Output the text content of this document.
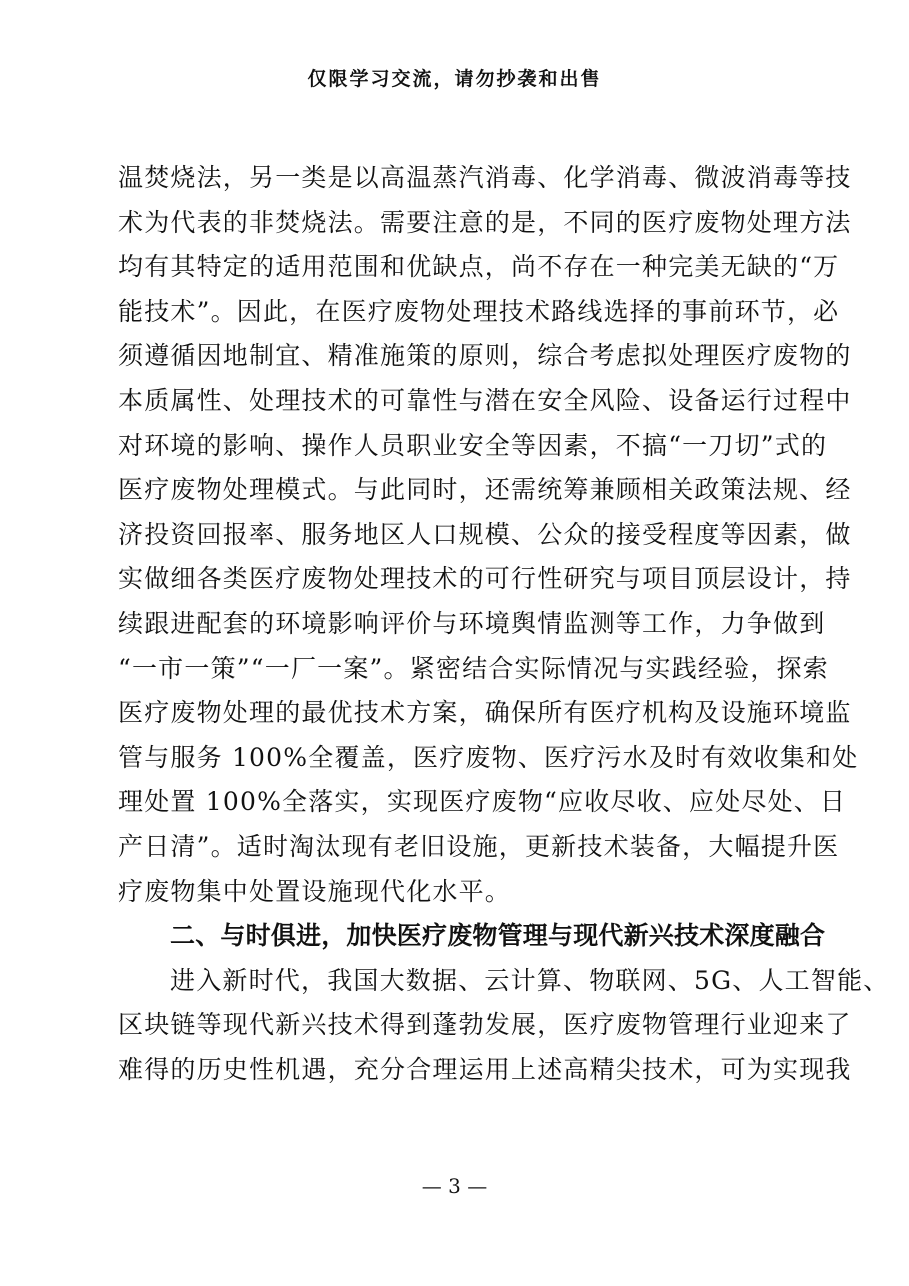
仅限学习交流，请勿抄袭和出售
温焚烧法，另一类是以高温蒸汽消毒、化学消毒、微波消毒等技
术为代表的非焚烧法。需要注意的是，不同的医疗废物处理方法
均有其特定的适用范围和优缺点，尚不存在一种完美无缺的“万
能技术”。因此，在医疗废物处理技术路线选择的事前环节，必
须遵循因地制宜、精准施策的原则，综合考虑拟处理医疗废物的
本质属性、处理技术的可靠性与潜在安全风险、设备运行过程中
对环境的影响、操作人员职业安全等因素，不搞“一刀切”式的
医疗废物处理模式。与此同时，还需统筹兼顾相关政策法规、经
济投资回报率、服务地区人口规模、公众的接受程度等因素，做
实做细各类医疗废物处理技术的可行性研究与项目顶层设计，持
续跟进配套的环境影响评价与环境舆情监测等工作，力争做到
“一市一策”“一厂一案”。紧密结合实际情况与实践经验，探索
医疗废物处理的最优技术方案，确保所有医疗机构及设施环境监
管与服务 100%全覆盖，医疗废物、医疗污水及时有效收集和处
理处置 100%全落实，实现医疗废物“应收尽收、应处尽处、日
产日清”。适时淘汰现有老旧设施，更新技术装备，大幅提升医
疗废物集中处置设施现代化水平。
二、与时俱进，加快医疗废物管理与现代新兴技术深度融合
进入新时代，我国大数据、云计算、物联网、5G、人工智能、
区块链等现代新兴技术得到蓬勃发展，医疗废物管理行业迎来了
难得的历史性机遇，充分合理运用上述高精尖技术，可为实现我
— 3 —
